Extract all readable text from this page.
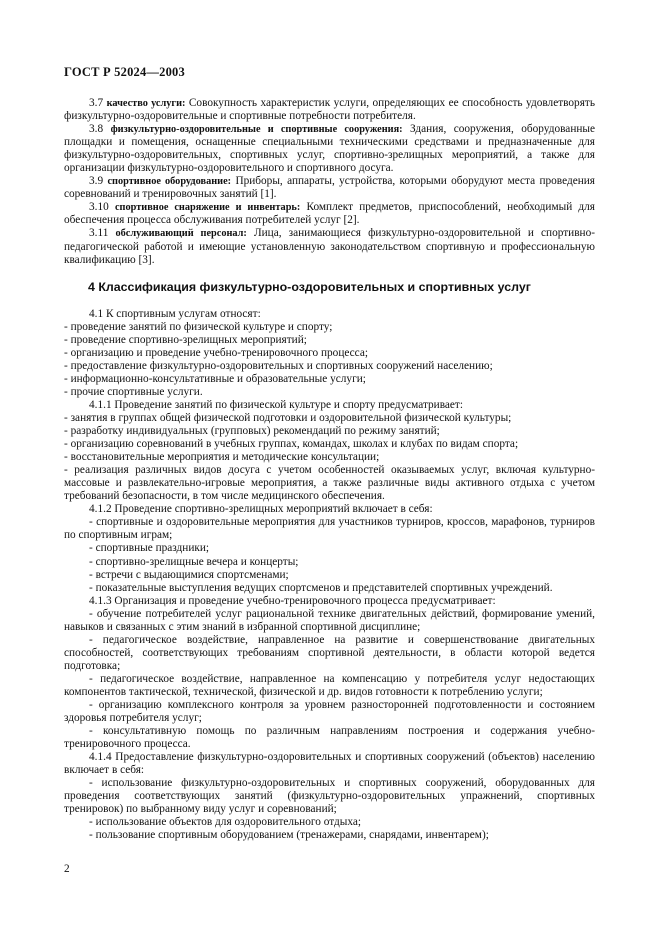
ГОСТ Р 52024—2003

3.7 качество услуги: Совокупность характеристик услуги, определяющих ее способность удовлетворять физкультурно-оздоровительные и спортивные потребности потребителя.

3.8 физкультурно-оздоровительные и спортивные сооружения: Здания, сооружения, оборудованные площадки и помещения, оснащенные специальными техническими средствами и предназначенные для физкультурно-оздоровительных, спортивных услуг, спортивно-зрелищных мероприятий, а также для организации физкультурно-оздоровительного и спортивного досуга.

3.9 спортивное оборудование: Приборы, аппараты, устройства, которыми оборудуют места проведения соревнований и тренировочных занятий [1].

3.10 спортивное снаряжение и инвентарь: Комплект предметов, приспособлений, необходимый для обеспечения процесса обслуживания потребителей услуг [2].

3.11 обслуживающий персонал: Лица, занимающиеся физкультурно-оздоровительной и спортивно-педагогической работой и имеющие установленную законодательством спортивную и профессиональную квалификацию [3].

4 Классификация физкультурно-оздоровительных и спортивных услуг

4.1 К спортивным услугам относят:

- проведение занятий по физической культуре и спорту;

- проведение спортивно-зрелищных мероприятий;

- организацию и проведение учебно-тренировочного процесса;

- предоставление физкультурно-оздоровительных и спортивных сооружений населению;

- информационно-консультативные и образовательные услуги;

- прочие спортивные услуги.

4.1.1 Проведение занятий по физической культуре и спорту предусматривает:

- занятия в группах общей физической подготовки и оздоровительной физической культуры;

- разработку индивидуальных (групповых) рекомендаций по режиму занятий;

- организацию соревнований в учебных группах, командах, школах и клубах по видам спорта;

- восстановительные мероприятия и методические консультации;

- реализация различных видов досуга с учетом особенностей оказываемых услуг, включая культурно-массовые и развлекательно-игровые мероприятия, а также различные виды активного отдыха с учетом требований безопасности, в том числе медицинского обеспечения.

4.1.2 Проведение спортивно-зрелищных мероприятий включает в себя:

- спортивные и оздоровительные мероприятия для участников турниров, кроссов, марафонов, турниров по спортивным играм;

- спортивные праздники;

- спортивно-зрелищные вечера и концерты;

- встречи с выдающимися спортсменами;

- показательные выступления ведущих спортсменов и представителей спортивных учреждений.

4.1.3 Организация и проведение учебно-тренировочного процесса предусматривает:

- обучение потребителей услуг рациональной технике двигательных действий, формирование умений, навыков и связанных с этим знаний в избранной спортивной дисциплине;

- педагогическое воздействие, направленное на развитие и совершенствование двигательных способностей, соответствующих требованиям спортивной деятельности, в области которой ведется подготовка;

- педагогическое воздействие, направленное на компенсацию у потребителя услуг недостающих компонентов тактической, технической, физической и др. видов готовности к потреблению услуги;

- организацию комплексного контроля за уровнем разносторонней подготовленности и состоянием здоровья потребителя услуг;

- консультативную помощь по различным направлениям построения и содержания учебно-тренировочного процесса.

4.1.4 Предоставление физкультурно-оздоровительных и спортивных сооружений (объектов) населению включает в себя:

- использование физкультурно-оздоровительных и спортивных сооружений, оборудованных для проведения соответствующих занятий (физкультурно-оздоровительных упражнений, спортивных тренировок) по выбранному виду услуг и соревнований;

- использование объектов для оздоровительного отдыха;

- пользование спортивным оборудованием (тренажерами, снарядами, инвентарем);

2
